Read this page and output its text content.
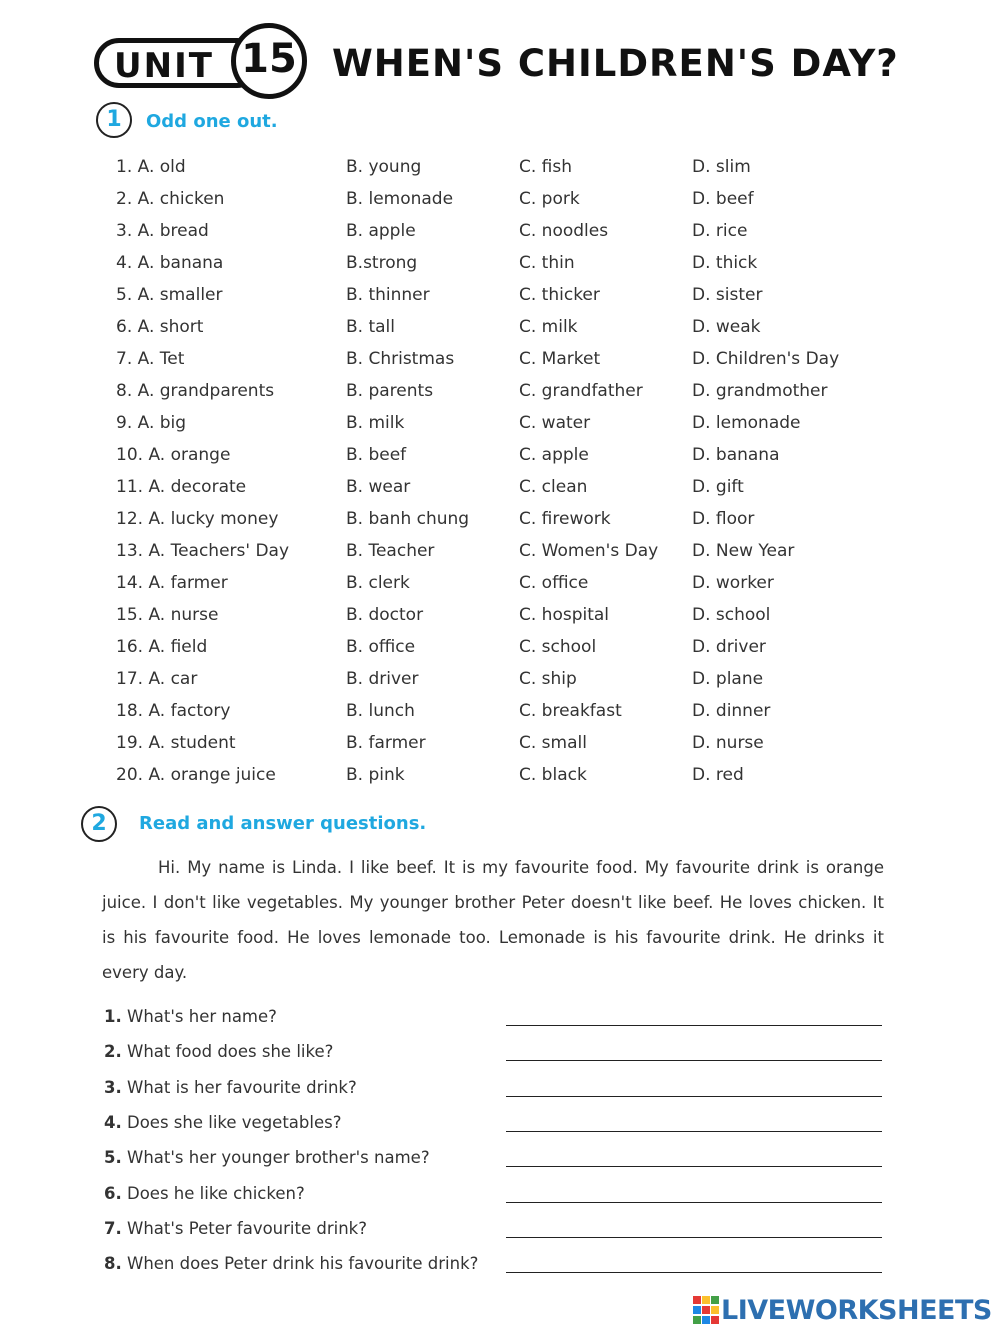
UNIT 15 WHEN'S CHILDREN'S DAY?
1	Odd one out.
1. A. old	B. young	C. fish	D. slim
2. A. chicken	B. lemonade	C. pork	D. beef
3. A. bread	B. apple	C. noodles	D. rice
4. A. banana	B.strong	C. thin	D. thick
5. A. smaller	B. thinner	C. thicker	D. sister
6. A. short	B. tall	C. milk	D. weak
7. A. Tet	B. Christmas	C. Market	D. Children's Day
8. A. grandparents	B. parents	C. grandfather	D. grandmother
9. A. big	B. milk	C. water	D. lemonade
10. A. orange	B. beef	C. apple	D. banana
11. A. decorate	B. wear	C. clean	D. gift
12. A. lucky money	B. banh chung	C. firework	D. floor
13. A. Teachers' Day	B. Teacher	C. Women's Day D. New Year
14. A. farmer	B. clerk	C. office	D. worker
15. A. nurse	B. doctor	C. hospital	D. school
16. A. field	B. office	C. school	D. driver
17. A. car	B. driver	C. ship	D. plane
18. A. factory	B. lunch	C. breakfast	D. dinner
19. A. student	B. farmer	C. small	D. nurse
20. A. orange juice	B. pink	C. black	D. red
2	Read and answer questions.

Hi. My name is Linda. I like beef. It is my favourite food. My favourite drink is orange juice. I don't like vegetables. My younger brother Peter doesn't like beef. He loves chicken. It is his favourite food. He loves lemonade too. Lemonade is his favourite drink. He drinks it every day.

1. What's her name?
2. What food does she like?
3. What is her favourite drink?
4. Does she like vegetables?
5. What's her younger brother's name?
6. Does he like chicken?
7. What's Peter favourite drink?
8. When does Peter drink his favourite drink?
LIVEWORKSHEETS
